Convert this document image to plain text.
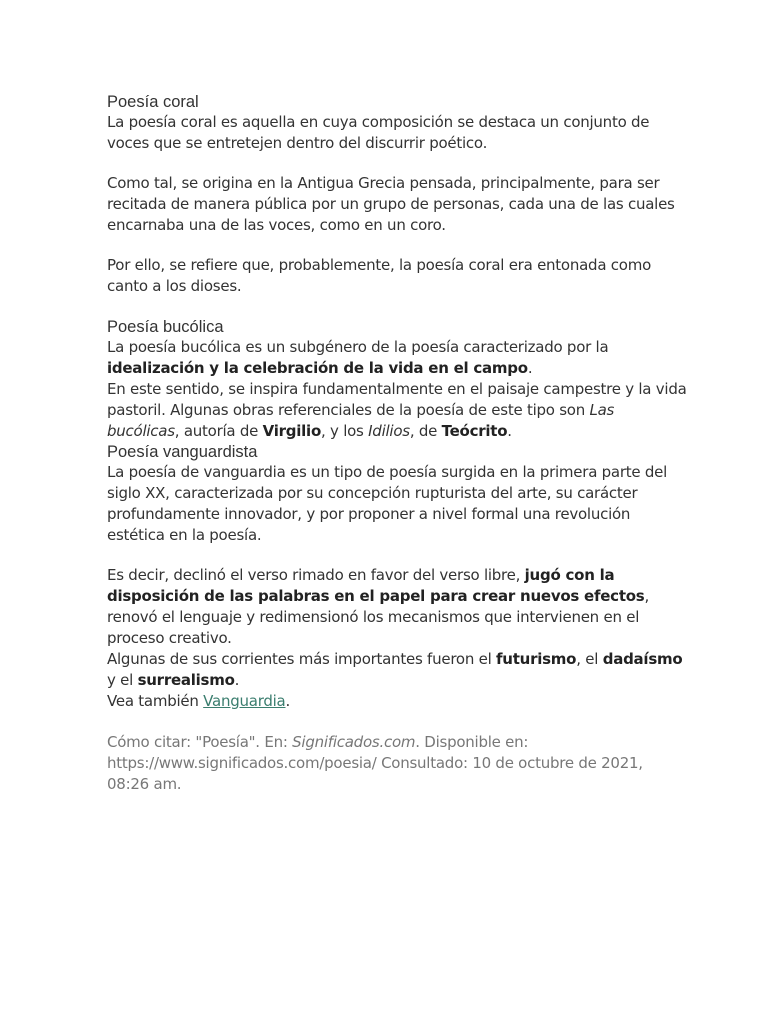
Poesía coral

La poesía coral es aquella en cuya composición se destaca un conjunto de voces que se entretejen dentro del discurrir poético.

Como tal, se origina en la Antigua Grecia pensada, principalmente, para ser recitada de manera pública por un grupo de personas, cada una de las cuales encarnaba una de las voces, como en un coro.

Por ello, se refiere que, probablemente, la poesía coral era entonada como canto a los dioses.

Poesía bucólica

La poesía bucólica es un subgénero de la poesía caracterizado por la idealización y la celebración de la vida en el campo.

En este sentido, se inspira fundamentalmente en el paisaje campestre y la vida pastoril. Algunas obras referenciales de la poesía de este tipo son Las bucólicas, autoría de Virgilio, y los Idilios, de Teócrito.

Poesía vanguardista

La poesía de vanguardia es un tipo de poesía surgida en la primera parte del siglo XX, caracterizada por su concepción rupturista del arte, su carácter profundamente innovador, y por proponer a nivel formal una revolución estética en la poesía.

Es decir, declinó el verso rimado en favor del verso libre, jugó con la disposición de las palabras en el papel para crear nuevos efectos, renovó el lenguaje y redimensionó los mecanismos que intervienen en el proceso creativo.

Algunas de sus corrientes más importantes fueron el futurismo, el dadaísmo y el surrealismo.

Vea también Vanguardia.

Cómo citar: "Poesía". En: Significados.com. Disponible en: https://www.significados.com/poesia/ Consultado: 10 de octubre de 2021, 08:26 am.
